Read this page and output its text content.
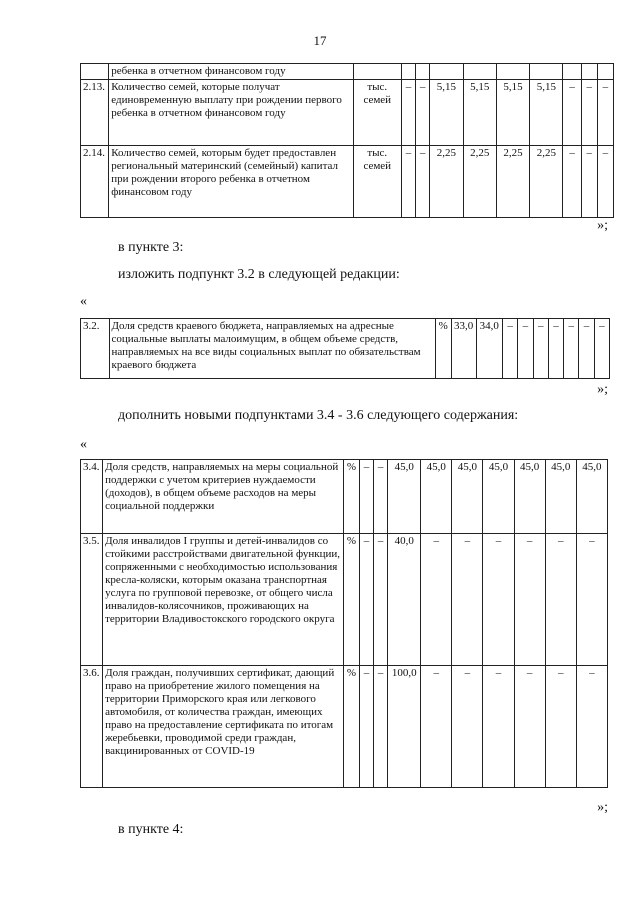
17
	ребенка в отчетном финансовом году										
2.13.	Количество семей, которые получат единовременную выплату при рождении первого ребенка в отчетном финансовом году	тыс. семей	–	–	5,15	5,15	5,15	5,15	–	–	–
2.14.	Количество семей, которым будет предоставлен региональный материнский (семейный) капитал при рождении второго ребенка в отчетном финансовом году	тыс. семей	–	–	2,25	2,25	2,25	2,25	–	–	–
»;
в пункте 3:
изложить подпункт 3.2 в следующей редакции:
«
3.2.	Доля средств краевого бюджета, направляемых на адресные социальные выплаты малоимущим, в общем объеме средств, направляемых на все виды социальных выплат по обязательствам краевого бюджета	%	33,0	34,0	–	–	–	–	–	–	–
»;
дополнить новыми подпунктами 3.4 - 3.6 следующего содержания:
«
3.4.	Доля средств, направляемых на меры социальной поддержки с учетом критериев нуждаемости (доходов), в общем объеме расходов на меры социальной поддержки	%	–	–	45,0	45,0	45,0	45,0	45,0	45,0	45,0
3.5.	Доля инвалидов I группы и детей-инвалидов со стойкими расстройствами двигательной функции, сопряженными с необходимостью использования кресла-коляски, которым оказана транспортная услуга по групповой перевозке, от общего числа инвалидов-колясочников, проживающих на территории Владивостокского городского округа	%	–	–	40,0	–	–	–	–	–	–
3.6.	Доля граждан, получивших сертификат, дающий право на приобретение жилого помещения на территории Приморского края или легкового автомобиля, от количества граждан, имеющих право на предоставление сертификата по итогам жеребьевки, проводимой среди граждан, вакцинированных от COVID-19	%	–	–	100,0	–	–	–	–	–	–
»;
в пункте 4:
